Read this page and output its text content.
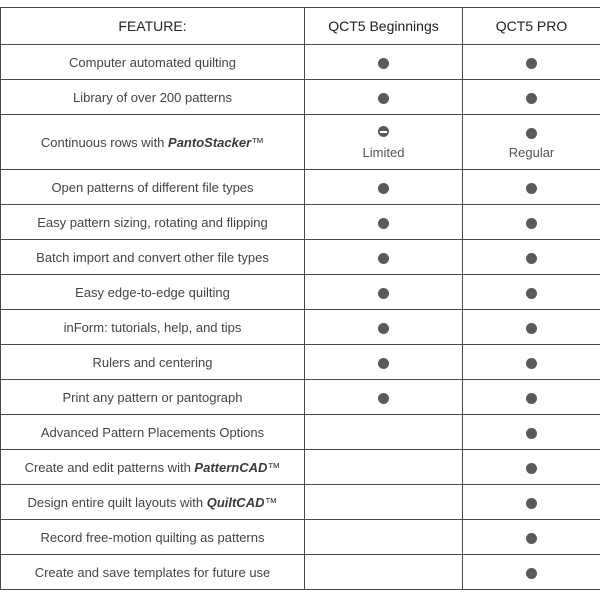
FEATURE:	QCT5 Beginnings	QCT5 PRO
Computer automated quilting		
Library of over 200 patterns		
Continuous rows with PantoStacker™	Limited	Regular

Open patterns of different file types		
Easy pattern sizing, rotating and flipping		
Batch import and convert other file types		
Easy edge-to-edge quilting		
inForm: tutorials, help, and tips		
Rulers and centering		
Print any pattern or pantograph		
Advanced Pattern Placements Options		
Create and edit patterns with PatternCAD™		
Design entire quilt layouts with QuiltCAD™		
Record free-motion quilting as patterns		
Create and save templates for future use		
